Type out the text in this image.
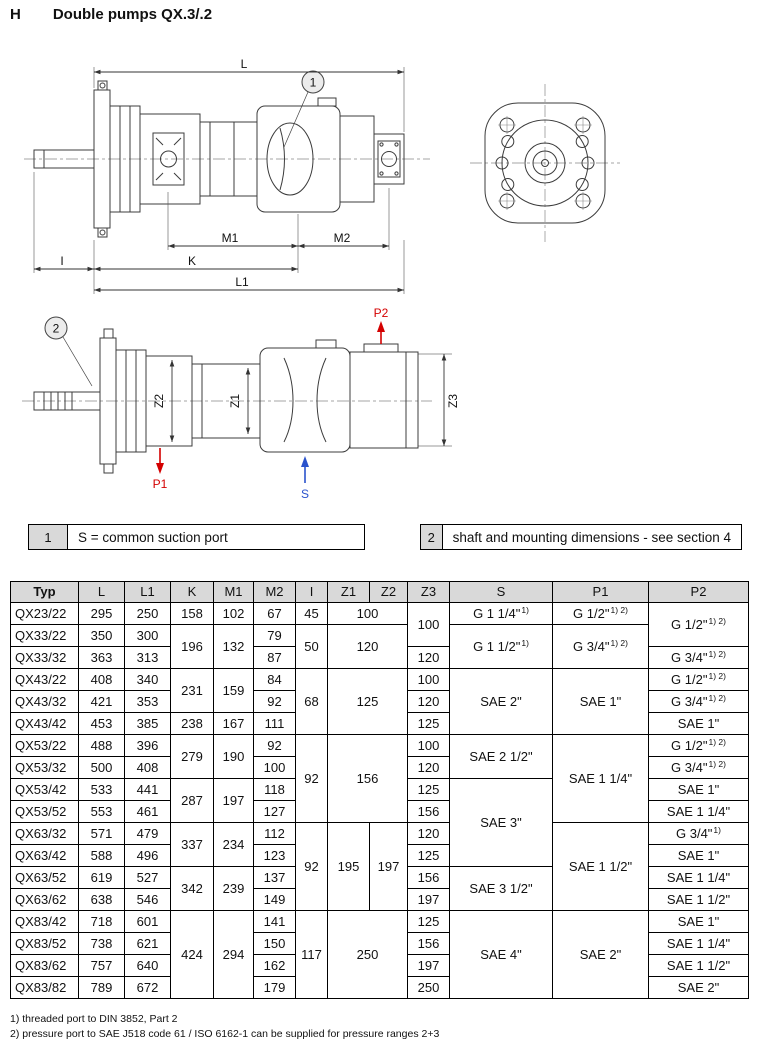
H Double pumps QX.3/.2
1
L
M1	M2
I	K
L1
2
Z2	Z1	Z3
P2
P1
S
1	S = common suction port	2	shaft and mounting dimensions - see section 4
Typ	L	L1	K	M1	M2	I	Z1	Z2	Z3	S	P1	P2
QX23/22	295	250	158	102	67	45	100		100	G 1 1/4"$^{1)}$	G 1/2"$^{1) 2)}$	G 1/2"$^{1) 2)}$
QX33/22	350	300	196	132	79	50	120			G 1 1/2"$^{1)}$	G 3/4"$^{1) 2)}$
QX33/32	363	313			87				120			G 3/4"$^{1) 2)}$
QX43/22	408	340	231	159	84	68	125		100	SAE 2"	SAE 1"	G 1/2"$^{1) 2)}$
QX43/32	421	353			92				120			G 3/4"$^{1) 2)}$
QX43/42	453	385	238	167	111				125			SAE 1"
QX53/22	488	396	279	190	92	92	156		100	SAE 2 1/2"	SAE 1 1/4"	G 1/2"$^{1) 2)}$
QX53/32	500	408			100				120			G 3/4"$^{1) 2)}$
QX53/42	533	441	287	197	118				125	SAE 3"		SAE 1"
QX53/52	553	461			127				156			SAE 1 1/4"
QX63/32	571	479	337	234	112	92	195	197	120		SAE 1 1/2"	G 3/4"$^{1)}$
QX63/42	588	496			123				125			SAE 1"
QX63/52	619	527	342	239	137				156	SAE 3 1/2"		SAE 1 1/4"
QX63/62	638	546			149				197			SAE 1 1/2"
QX83/42	718	601	424	294	141	117	250		125	SAE 4"	SAE 2"	SAE 1"
QX83/52	738	621			150				156			SAE 1 1/4"
QX83/62	757	640			162				197			SAE 1 1/2"
QX83/82	789	672			179				250			SAE 2"
1) threaded port to DIN 3852, Part 2
2) pressure port to SAE J518 code 61 / ISO 6162-1 can be supplied for pressure ranges 2+3
